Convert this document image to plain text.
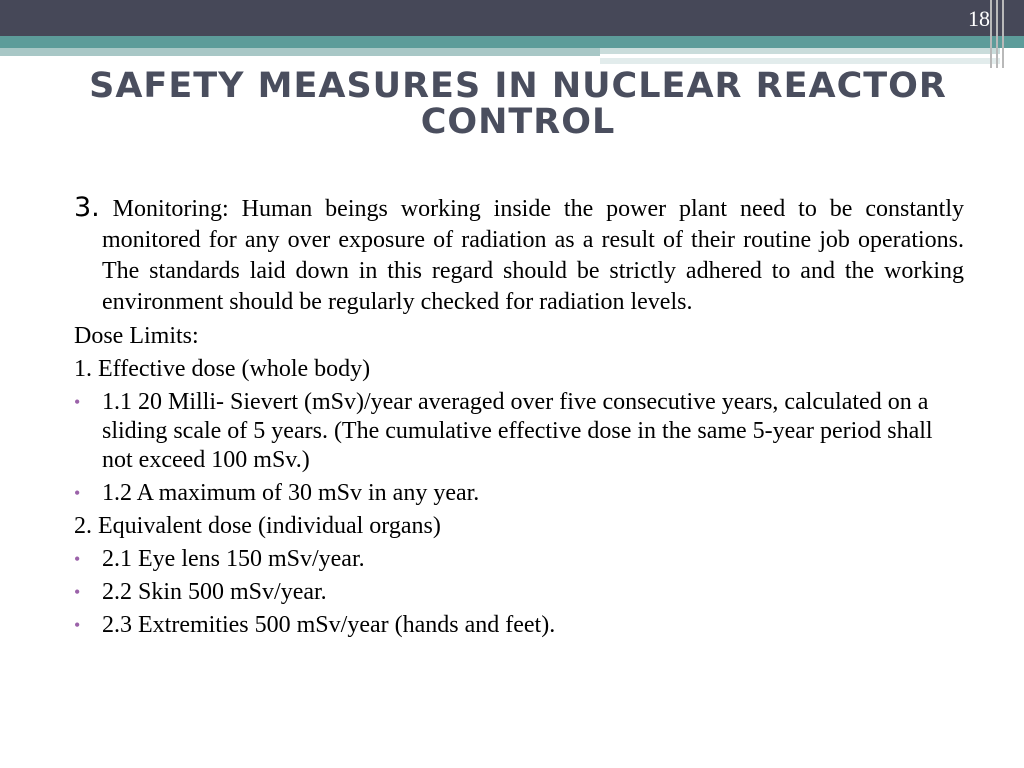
18
SAFETY MEASURES IN NUCLEAR REACTOR
CONTROL
3. Monitoring: Human beings working inside the power plant need to be constantly monitored for any over exposure of radiation as a result of their routine job operations. The standards laid down in this regard should be strictly adhered to and the working environment should be regularly checked for radiation levels.
Dose Limits:
1. Effective dose (whole body)
• 1.1 20 Milli- Sievert (mSv)/year averaged over five consecutive years, calculated on a sliding scale of 5 years. (The cumulative effective dose in the same 5-year period shall not exceed 100 mSv.)
• 1.2 A maximum of 30 mSv in any year.
2. Equivalent dose (individual organs)
• 2.1 Eye lens 150 mSv/year.
• 2.2 Skin 500 mSv/year.
• 2.3 Extremities 500 mSv/year (hands and feet).
